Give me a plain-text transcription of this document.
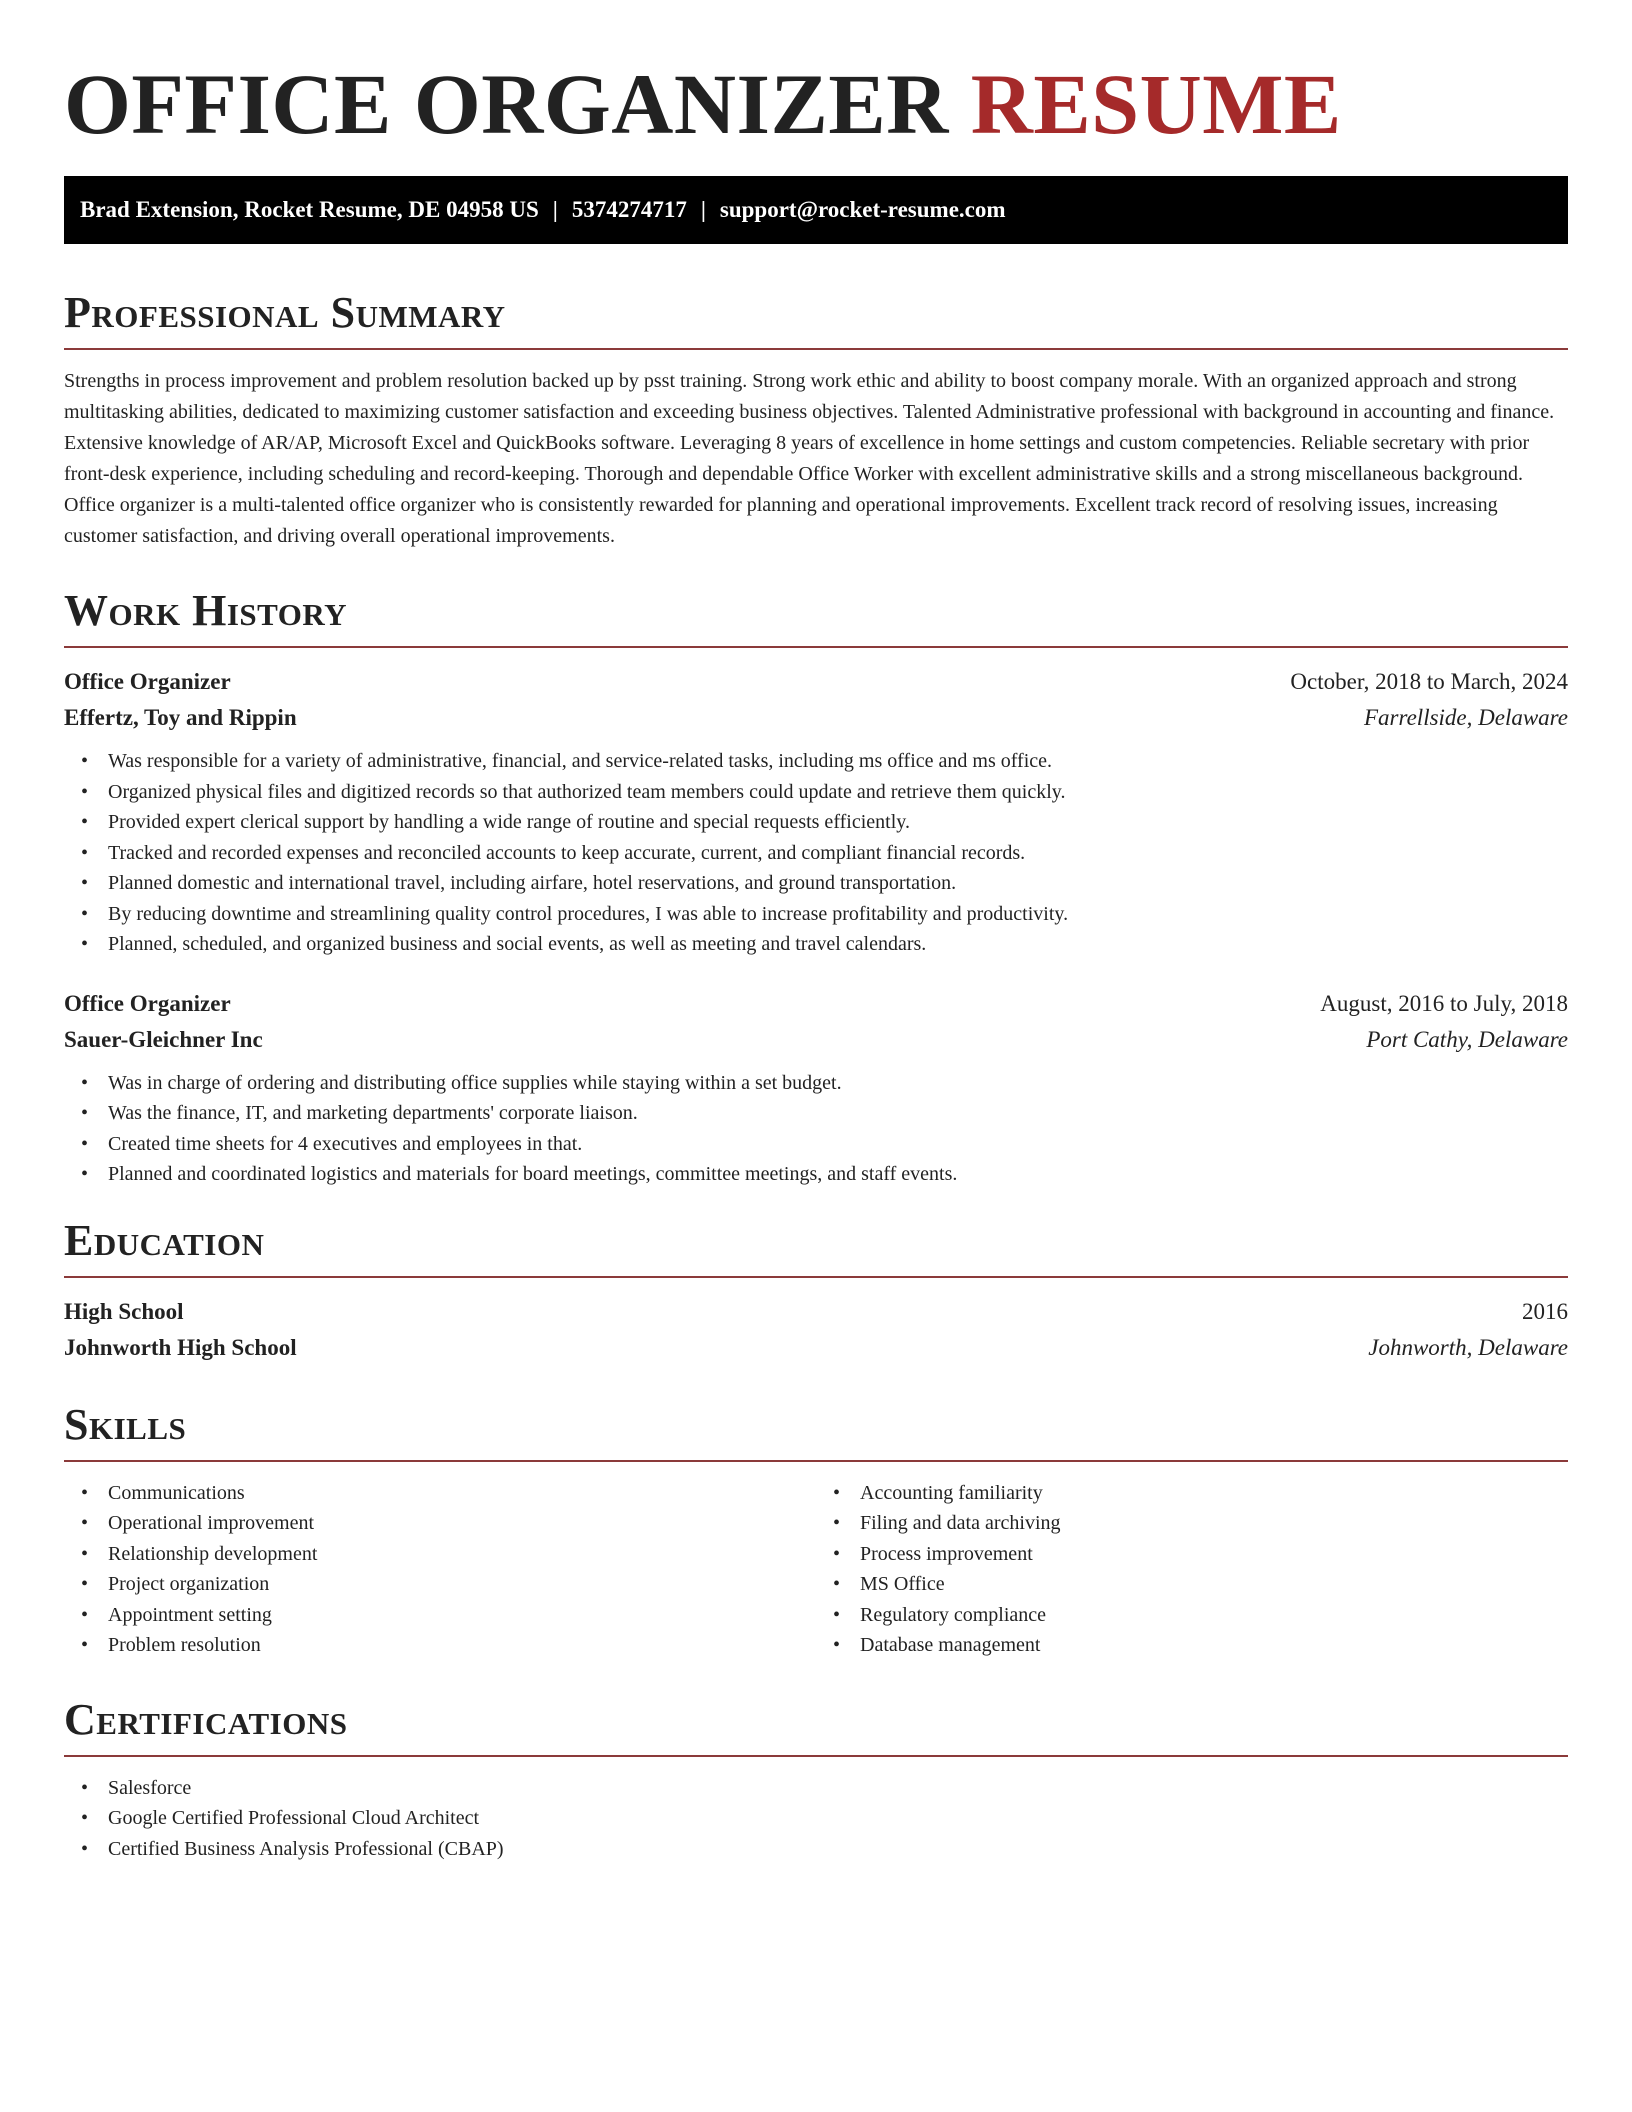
OFFICE ORGANIZER RESUME
Brad Extension, Rocket Resume, DE 04958 US | 5374274717 | support@rocket-resume.com
Professional Summary

Strengths in process improvement and problem resolution backed up by psst training. Strong work ethic and ability to boost company morale. With an organized approach and strong multitasking abilities, dedicated to maximizing customer satisfaction and exceeding business objectives. Talented Administrative professional with background in accounting and finance. Extensive knowledge of AR/AP, Microsoft Excel and QuickBooks software. Leveraging 8 years of excellence in home settings and custom competencies. Reliable secretary with prior front-desk experience, including scheduling and record-keeping. Thorough and dependable Office Worker with excellent administrative skills and a strong miscellaneous background. Office organizer is a multi-talented office organizer who is consistently rewarded for planning and operational improvements. Excellent track record of resolving issues, increasing customer satisfaction, and driving overall operational improvements.

Work History
Office Organizer	October, 2018 to March, 2024
Effertz, Toy and Rippin	Farrellside, Delaware
• Was responsible for a variety of administrative, financial, and service-related tasks, including ms office and ms office.
• Organized physical files and digitized records so that authorized team members could update and retrieve them quickly.
• Provided expert clerical support by handling a wide range of routine and special requests efficiently.
• Tracked and recorded expenses and reconciled accounts to keep accurate, current, and compliant financial records.
• Planned domestic and international travel, including airfare, hotel reservations, and ground transportation.
• By reducing downtime and streamlining quality control procedures, I was able to increase profitability and productivity.
• Planned, scheduled, and organized business and social events, as well as meeting and travel calendars.
Office Organizer	August, 2016 to July, 2018
Sauer-Gleichner Inc	Port Cathy, Delaware
• Was in charge of ordering and distributing office supplies while staying within a set budget.
• Was the finance, IT, and marketing departments' corporate liaison.
• Created time sheets for 4 executives and employees in that.
• Planned and coordinated logistics and materials for board meetings, committee meetings, and staff events.
Education
High School	2016
Johnworth High School	Johnworth, Delaware
Skills
• Communications
• Operational improvement
• Relationship development
• Project organization
• Appointment setting
• Problem resolution
• Accounting familiarity
• Filing and data archiving
• Process improvement
• MS Office
• Regulatory compliance
• Database management
Certifications
• Salesforce
• Google Certified Professional Cloud Architect
• Certified Business Analysis Professional (CBAP)
